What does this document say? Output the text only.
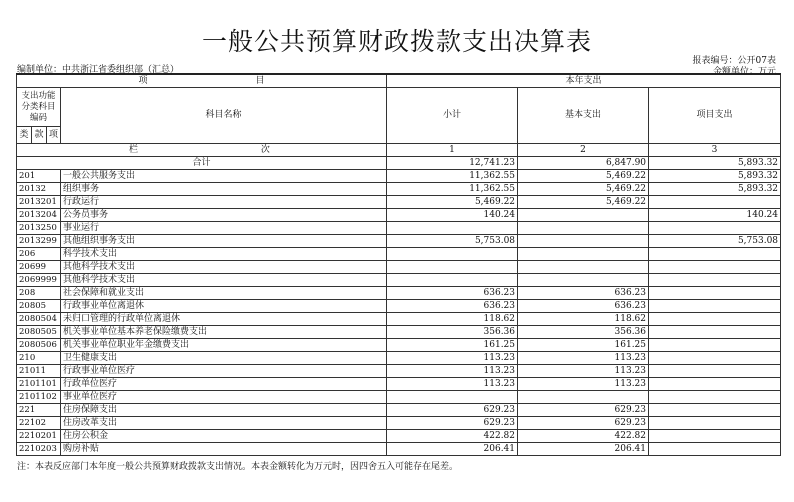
一般公共预算财政拨款支出决算表
编制单位：中共浙江省委组织部（汇总）
报表编号：公开07表
金额单位：万元
项　　　　　　　　　　　　目				本年支出		
支出功能分类科目编码			科目名称	小计	基本支出	项目支出
类	款	项				
栏 次				1	2	3
合计				12,741.23	6,847.90	5,893.32
201			一般公共服务支出	11,362.55	5,469.22	5,893.32
20132			组织事务	11,362.55	5,469.22	5,893.32
2013201			行政运行	5,469.22	5,469.22	
2013204			公务员事务	140.24		140.24
2013250			事业运行			
2013299			其他组织事务支出	5,753.08		5,753.08
206			科学技术支出			
20699			其他科学技术支出			
2069999			其他科学技术支出			
208			社会保障和就业支出	636.23	636.23	
20805			行政事业单位离退休	636.23	636.23	
2080504			未归口管理的行政单位离退休	118.62	118.62	
2080505			机关事业单位基本养老保险缴费支出	356.36	356.36	
2080506			机关事业单位职业年金缴费支出	161.25	161.25	
210			卫生健康支出	113.23	113.23	
21011			行政事业单位医疗	113.23	113.23	
2101101			行政单位医疗	113.23	113.23	
2101102			事业单位医疗			
221			住房保障支出	629.23	629.23	
22102			住房改革支出	629.23	629.23	
2210201			住房公积金	422.82	422.82	
2210203			购房补贴	206.41	206.41	
注：本表反应部门本年度一般公共预算财政拨款支出情况。本表金额转化为万元时，因四舍五入可能存在尾差。
